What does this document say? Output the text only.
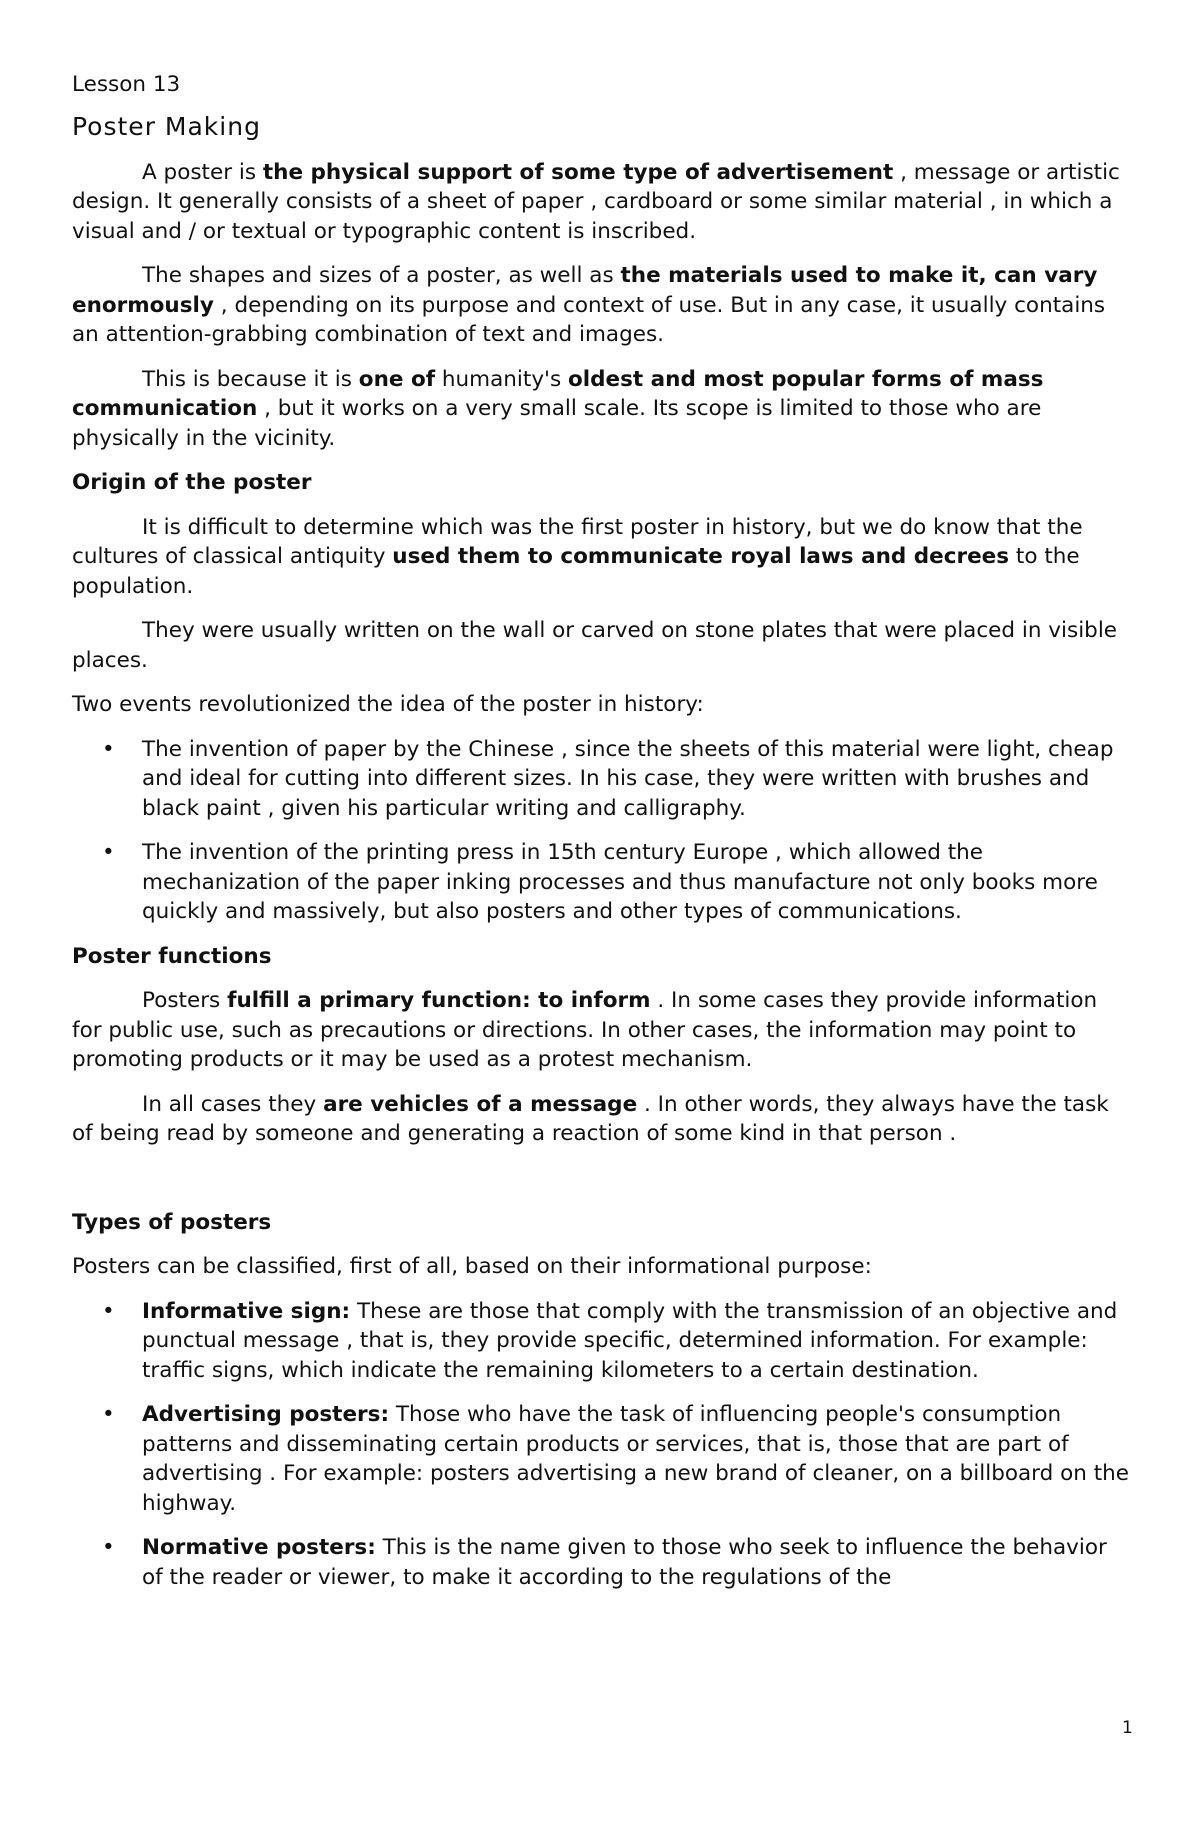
Lesson 13

Poster Making

A poster is the physical support of some type of advertisement , message or artistic design. It generally consists of a sheet of paper , cardboard or some similar material , in which a visual and / or textual or typographic content is inscribed.

The shapes and sizes of a poster, as well as the materials used to make it, can vary enormously , depending on its purpose and context of use. But in any case, it usually contains an attention-grabbing combination of text and images.

This is because it is one of humanity's oldest and most popular forms of mass communication , but it works on a very small scale. Its scope is limited to those who are physically in the vicinity.

Origin of the poster

It is difficult to determine which was the first poster in history, but we do know that the cultures of classical antiquity used them to communicate royal laws and decrees to the population.

They were usually written on the wall or carved on stone plates that were placed in visible places.

Two events revolutionized the idea of the poster in history:

• The invention of paper by the Chinese , since the sheets of this material were light, cheap and ideal for cutting into different sizes. In his case, they were written with brushes and black paint , given his particular writing and calligraphy.
• The invention of the printing press in 15th century Europe , which allowed the mechanization of the paper inking processes and thus manufacture not only books more quickly and massively, but also posters and other types of communications.
Poster functions

Posters fulfill a primary function: to inform . In some cases they provide information for public use, such as precautions or directions. In other cases, the information may point to promoting products or it may be used as a protest mechanism.

In all cases they are vehicles of a message . In other words, they always have the task of being read by someone and generating a reaction of some kind in that person .

Types of posters

Posters can be classified, first of all, based on their informational purpose:

• Informative sign: These are those that comply with the transmission of an objective and punctual message , that is, they provide specific, determined information. For example: traffic signs, which indicate the remaining kilometers to a certain destination.
• Advertising posters: Those who have the task of influencing people's consumption patterns and disseminating certain products or services, that is, those that are part of advertising . For example: posters advertising a new brand of cleaner, on a billboard on the highway.
• Normative posters: This is the name given to those who seek to influence the behavior of the reader or viewer, to make it according to the regulations of the
1
